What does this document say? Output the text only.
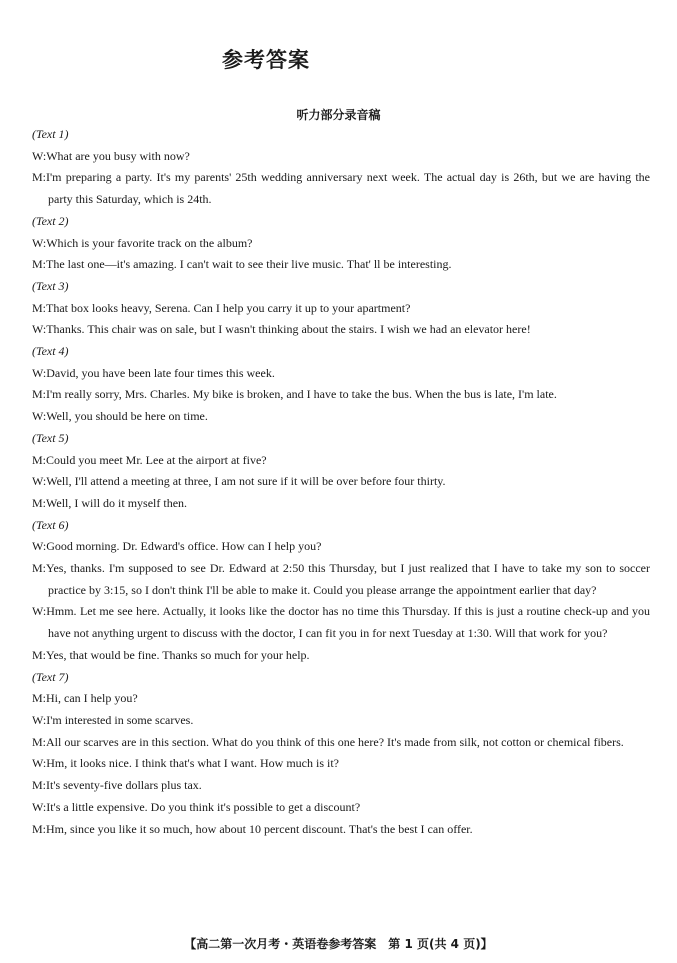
参考答案
听力部分录音稿

(Text 1)

W:What are you busy with now?

M:I'm preparing a party. It's my parents' 25th wedding anniversary next week. The actual day is 26th, but we are having the party this Saturday, which is 24th.

(Text 2)

W:Which is your favorite track on the album?

M:The last one—it's amazing. I can't wait to see their live music. That' ll be interesting.

(Text 3)

M:That box looks heavy, Serena. Can I help you carry it up to your apartment?

W:Thanks. This chair was on sale, but I wasn't thinking about the stairs. I wish we had an elevator here!

(Text 4)

W:David, you have been late four times this week.

M:I'm really sorry, Mrs. Charles. My bike is broken, and I have to take the bus. When the bus is late, I'm late.

W:Well, you should be here on time.

(Text 5)

M:Could you meet Mr. Lee at the airport at five?

W:Well, I'll attend a meeting at three, I am not sure if it will be over before four thirty.

M:Well, I will do it myself then.

(Text 6)

W:Good morning. Dr. Edward's office. How can I help you?

M:Yes, thanks. I'm supposed to see Dr. Edward at 2:50 this Thursday, but I just realized that I have to take my son to soccer practice by 3:15, so I don't think I'll be able to make it. Could you please arrange the appointment earlier that day?

W:Hmm. Let me see here. Actually, it looks like the doctor has no time this Thursday. If this is just a routine check-up and you have not anything urgent to discuss with the doctor, I can fit you in for next Tuesday at 1:30. Will that work for you?

M:Yes, that would be fine. Thanks so much for your help.

(Text 7)

M:Hi, can I help you?

W:I'm interested in some scarves.

M:All our scarves are in this section. What do you think of this one here? It's made from silk, not cotton or chemical fibers.

W:Hm, it looks nice. I think that's what I want. How much is it?

M:It's seventy-five dollars plus tax.

W:It's a little expensive. Do you think it's possible to get a discount?

M:Hm, since you like it so much, how about 10 percent discount. That's the best I can offer.

【高二第一次月考・英语卷参考答案　第 1 页(共 4 页)】
